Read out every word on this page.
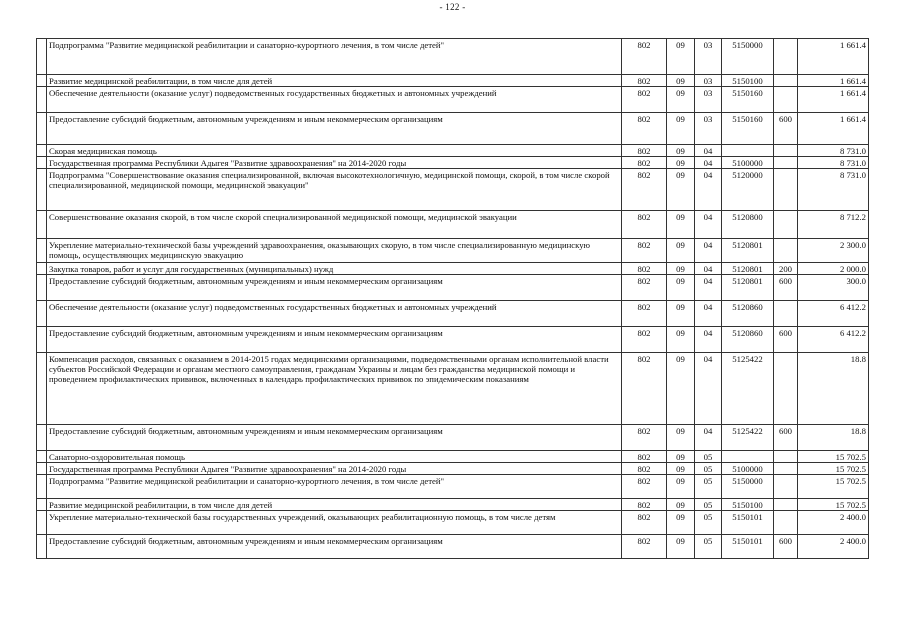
- 122 -
	Подпрограмма "Развитие медицинской реабилитации и санаторно-курортного лечения, в том числе детей"	802	09	03	5150000		1 661.4
	Развитие медицинской реабилитации, в том числе для детей	802	09	03	5150100		1 661.4
	Обеспечение деятельности (оказание услуг) подведомственных государственных бюджетных и автономных учреждений	802	09	03	5150160		1 661.4
	Предоставление субсидий бюджетным, автономным учреждениям и иным некоммерческим организациям	802	09	03	5150160	600	1 661.4
	Скорая медицинская помощь	802	09	04			8 731.0
	Государственная программа Республики Адыгея "Развитие здравоохранения" на 2014-2020 годы	802	09	04	5100000		8 731.0
	Подпрограмма "Совершенствование оказания специализированной, включая высокотехнологичную, медицинской помощи, скорой, в том числе скорой специализированной, медицинской помощи, медицинской эвакуации"	802	09	04	5120000		8 731.0
	Совершенствование оказания скорой, в том числе скорой специализированной медицинской помощи, медицинской эвакуации	802	09	04	5120800		8 712.2
	Укрепление материально-технической базы учреждений здравоохранения, оказывающих скорую, в том числе специализированную медицинскую помощь, осуществляющих медицинскую эвакуацию	802	09	04	5120801		2 300.0
	Закупка товаров, работ и услуг для государственных (муниципальных) нужд	802	09	04	5120801	200	2 000.0
	Предоставление субсидий бюджетным, автономным учреждениям и иным некоммерческим организациям	802	09	04	5120801	600	300.0
	Обеспечение деятельности (оказание услуг) подведомственных государственных бюджетных и автономных учреждений	802	09	04	5120860		6 412.2
	Предоставление субсидий бюджетным, автономным учреждениям и иным некоммерческим организациям	802	09	04	5120860	600	6 412.2
	Компенсация расходов, связанных с оказанием в 2014-2015 годах медицинскими организациями, подведомственными органам исполнительной власти субъектов Российской Федерации и органам местного самоуправления, гражданам Украины и лицам без гражданства медицинской помощи и проведением профилактических прививок, включенных в календарь профилактических прививок по эпидемическим показаниям	802	09	04	5125422		18.8
	Предоставление субсидий бюджетным, автономным учреждениям и иным некоммерческим организациям	802	09	04	5125422	600	18.8
	Санаторно-оздоровительная помощь	802	09	05			15 702.5
	Государственная программа Республики Адыгея "Развитие здравоохранения" на 2014-2020 годы	802	09	05	5100000		15 702.5
	Подпрограмма "Развитие медицинской реабилитации и санаторно-курортного лечения, в том числе детей"	802	09	05	5150000		15 702.5
	Развитие медицинской реабилитации, в том числе для детей	802	09	05	5150100		15 702.5
	Укрепление материально-технической базы государственных учреждений, оказывающих реабилитационную помощь, в том числе детям	802	09	05	5150101		2 400.0
	Предоставление субсидий бюджетным, автономным учреждениям и иным некоммерческим организациям	802	09	05	5150101	600	2 400.0
